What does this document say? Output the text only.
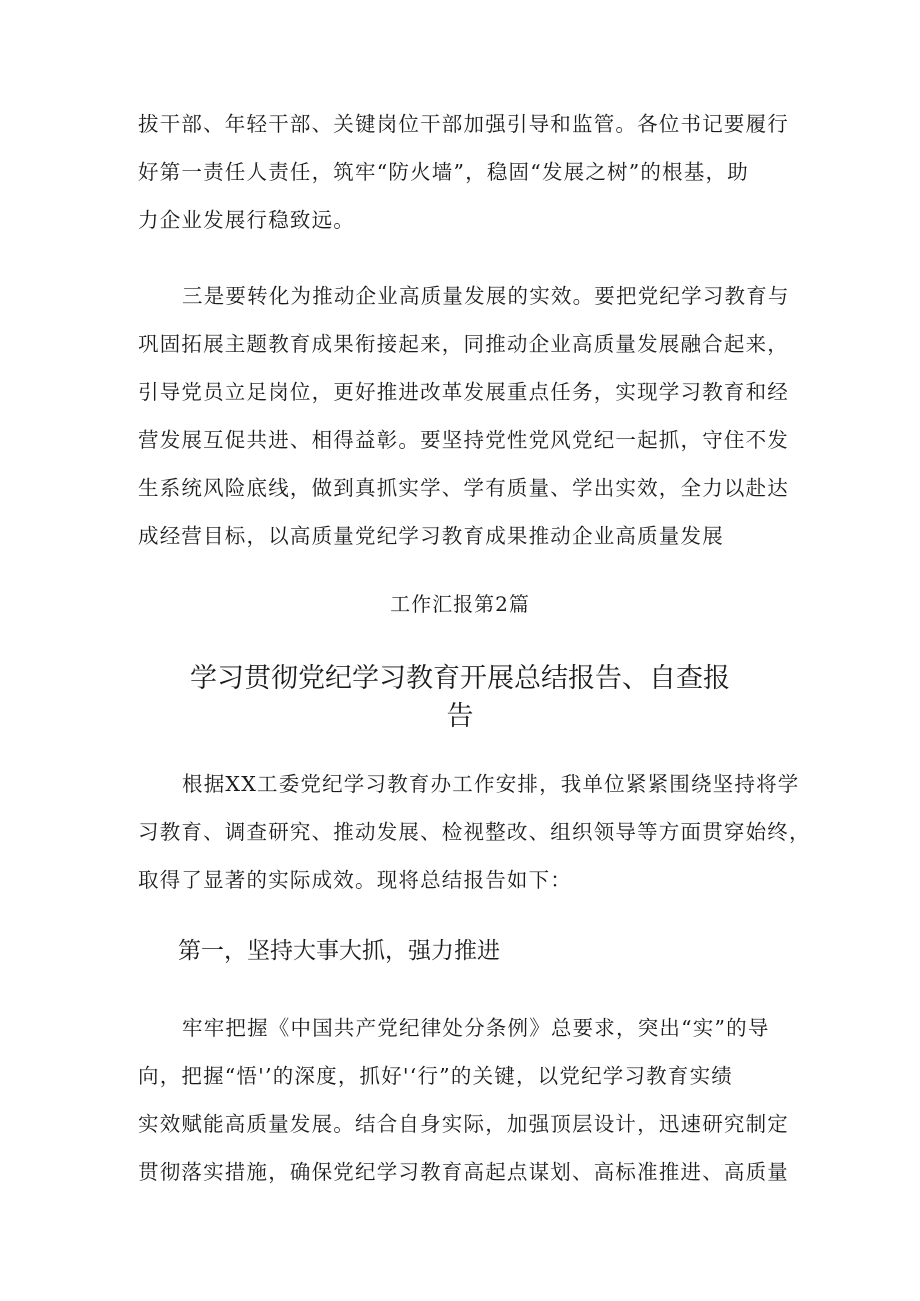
拔干部、年轻干部、关键岗位干部加强引导和监管。各位书记要履行
好第一责任人责任，筑牢“防火墙”，稳固“发展之树”的根基，助
力企业发展行稳致远。

三是要转化为推动企业高质量发展的实效。要把党纪学习教育与
巩固拓展主题教育成果衔接起来，同推动企业高质量发展融合起来，
引导党员立足岗位，更好推进改革发展重点任务，实现学习教育和经
营发展互促共进、相得益彰。要坚持党性党风党纪一起抓，守住不发
生系统风险底线，做到真抓实学、学有质量、学出实效，全力以赴达
成经营目标，以高质量党纪学习教育成果推动企业高质量发展

工作汇报第2篇

学习贯彻党纪学习教育开展总结报告、自查报
告

根据XX工委党纪学习教育办工作安排，我单位紧紧围绕坚持将学
习教育、调查研究、推动发展、检视整改、组织领导等方面贯穿始终，
取得了显著的实际成效。现将总结报告如下：

第一，坚持大事大抓，强力推进

牢牢把握《中国共产党纪律处分条例》总要求，突出“实”的导
向，把握“悟'’的深度，抓好'‘行”的关键，以党纪学习教育实绩
实效赋能高质量发展。结合自身实际，加强顶层设计，迅速研究制定
贯彻落实措施，确保党纪学习教育高起点谋划、高标准推进、高质量
